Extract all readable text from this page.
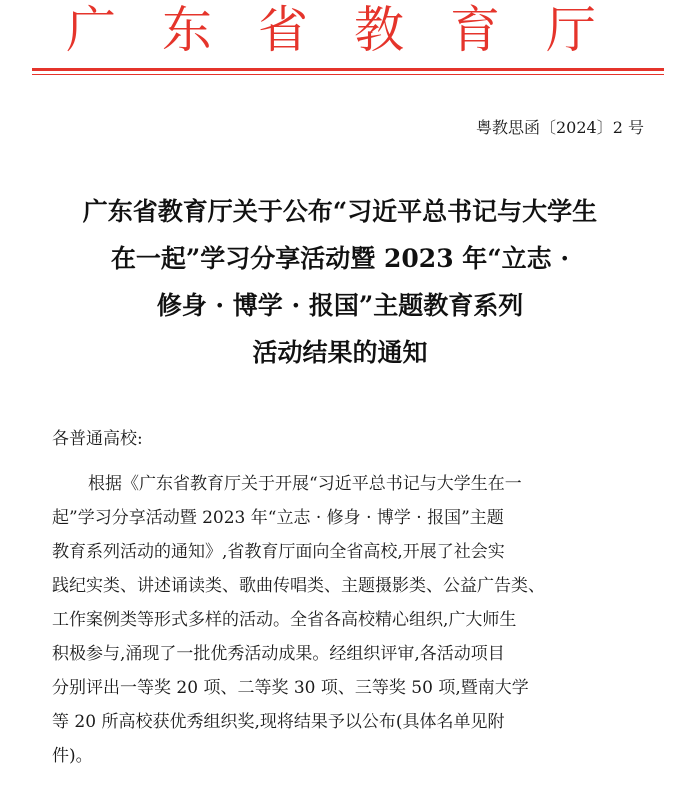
广东省教育厅
粤教思函〔2024〕2 号
广东省教育厅关于公布“习近平总书记与大学生
在一起”学习分享活动暨 2023 年“立志 ·
修身 · 博学 · 报国”主题教育系列
活动结果的通知
各普通高校:
根据《广东省教育厅关于开展“习近平总书记与大学生在一
起”学习分享活动暨 2023 年“立志 · 修身 · 博学 · 报国”主题
教育系列活动的通知》,省教育厅面向全省高校,开展了社会实
践纪实类、讲述诵读类、歌曲传唱类、主题摄影类、公益广告类、
工作案例类等形式多样的活动。全省各高校精心组织,广大师生
积极参与,涌现了一批优秀活动成果。经组织评审,各活动项目
分别评出一等奖 20 项、二等奖 30 项、三等奖 50 项,暨南大学
等 20 所高校获优秀组织奖,现将结果予以公布(具体名单见附
件)。
